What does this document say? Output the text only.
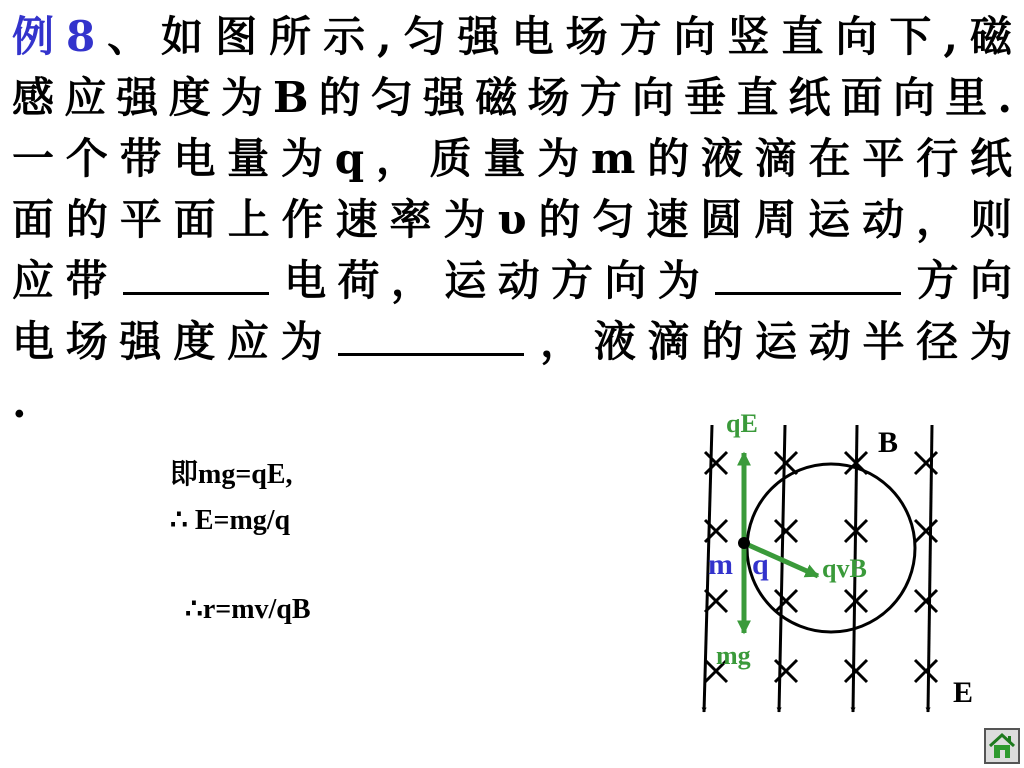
例8、如图所示,匀强电场方向竖直向下,磁
感应强度为B的匀强磁场方向垂直纸面向里.
一个带电量为q，质量为m的液滴在平行纸
面的平面上作速率为υ的匀速圆周运动，则
应带	电荷，运动方向为	方向
电场强度应为	，液滴的运动半径为
.
即mg=qE,
∴ E=mg/q
∴r=mv/qB
qE
B
m q qvB
mg
E
